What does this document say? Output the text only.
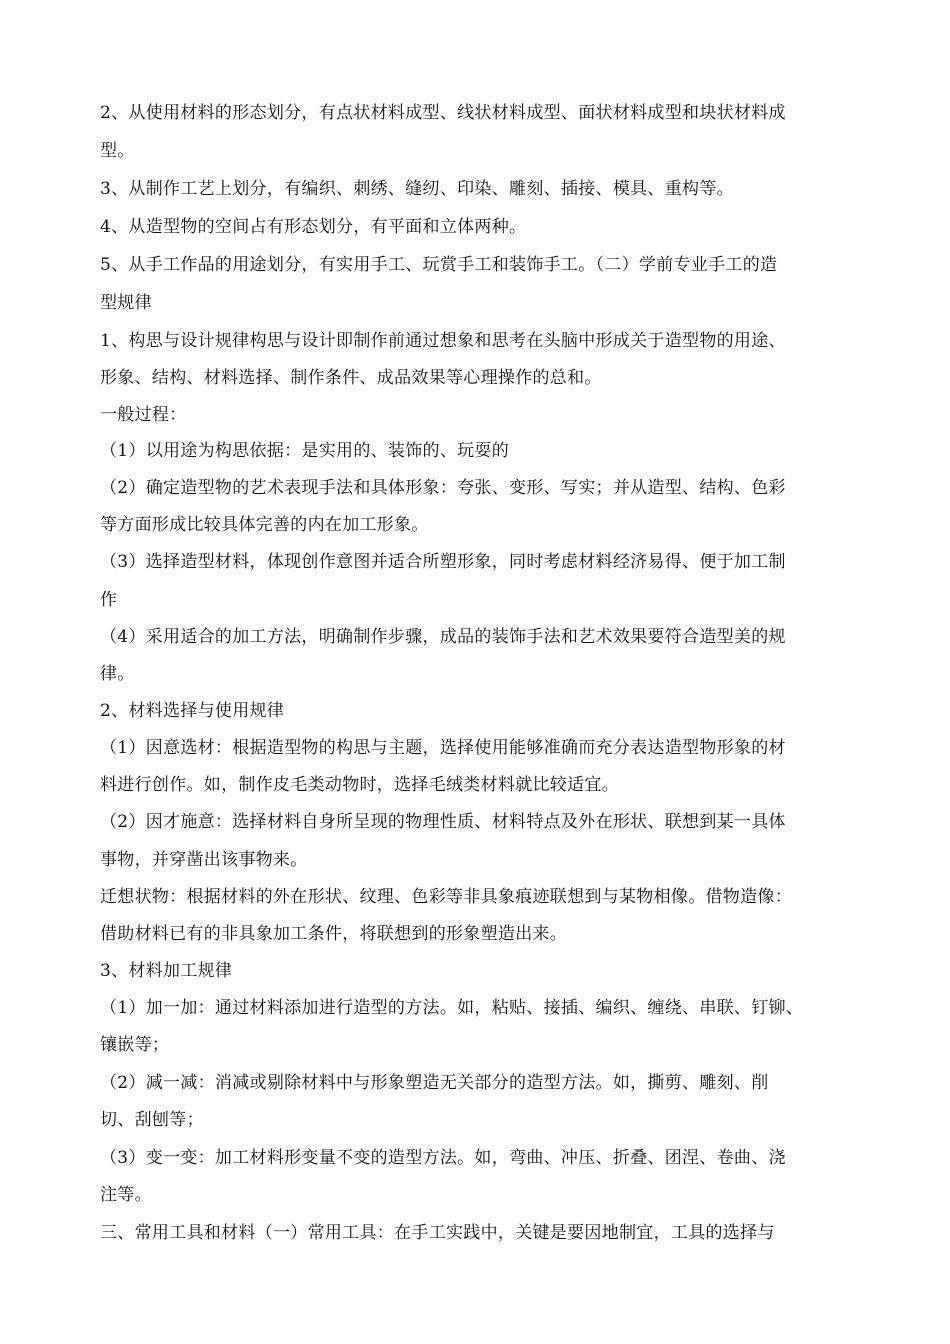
2、从使用材料的形态划分，有点状材料成型、线状材料成型、面状材料成型和块状材料成
型。
3、从制作工艺上划分，有编织、刺绣、缝纫、印染、雕刻、插接、模具、重构等。
4、从造型物的空间占有形态划分，有平面和立体两种。
5、从手工作品的用途划分，有实用手工、玩赏手工和装饰手工。（二）学前专业手工的造
型规律
1、构思与设计规律构思与设计即制作前通过想象和思考在头脑中形成关于造型物的用途、
形象、结构、材料选择、制作条件、成品效果等心理操作的总和。
一般过程：
（1）以用途为构思依据：是实用的、装饰的、玩耍的
（2）确定造型物的艺术表现手法和具体形象：夸张、变形、写实；并从造型、结构、色彩
等方面形成比较具体完善的内在加工形象。
（3）选择造型材料，体现创作意图并适合所塑形象，同时考虑材料经济易得、便于加工制
作
（4）采用适合的加工方法，明确制作步骤，成品的装饰手法和艺术效果要符合造型美的规
律。
2、材料选择与使用规律
（1）因意选材：根据造型物的构思与主题，选择使用能够准确而充分表达造型物形象的材
料进行创作。如，制作皮毛类动物时，选择毛绒类材料就比较适宜。
（2）因才施意：选择材料自身所呈现的物理性质、材料特点及外在形状、联想到某一具体
事物，并穿凿出该事物来。
迁想状物：根据材料的外在形状、纹理、色彩等非具象痕迹联想到与某物相像。借物造像：
借助材料已有的非具象加工条件，将联想到的形象塑造出来。
3、材料加工规律
（1）加一加：通过材料添加进行造型的方法。如，粘贴、接插、编织、缠绕、串联、钉铆、
镶嵌等；
（2）减一减：消减或剔除材料中与形象塑造无关部分的造型方法。如，撕剪、雕刻、削
切、刮刨等；
（3）变一变：加工材料形变量不变的造型方法。如，弯曲、冲压、折叠、团涅、卷曲、浇
注等。
三、常用工具和材料（一）常用工具：在手工实践中，关键是要因地制宜，工具的选择与
